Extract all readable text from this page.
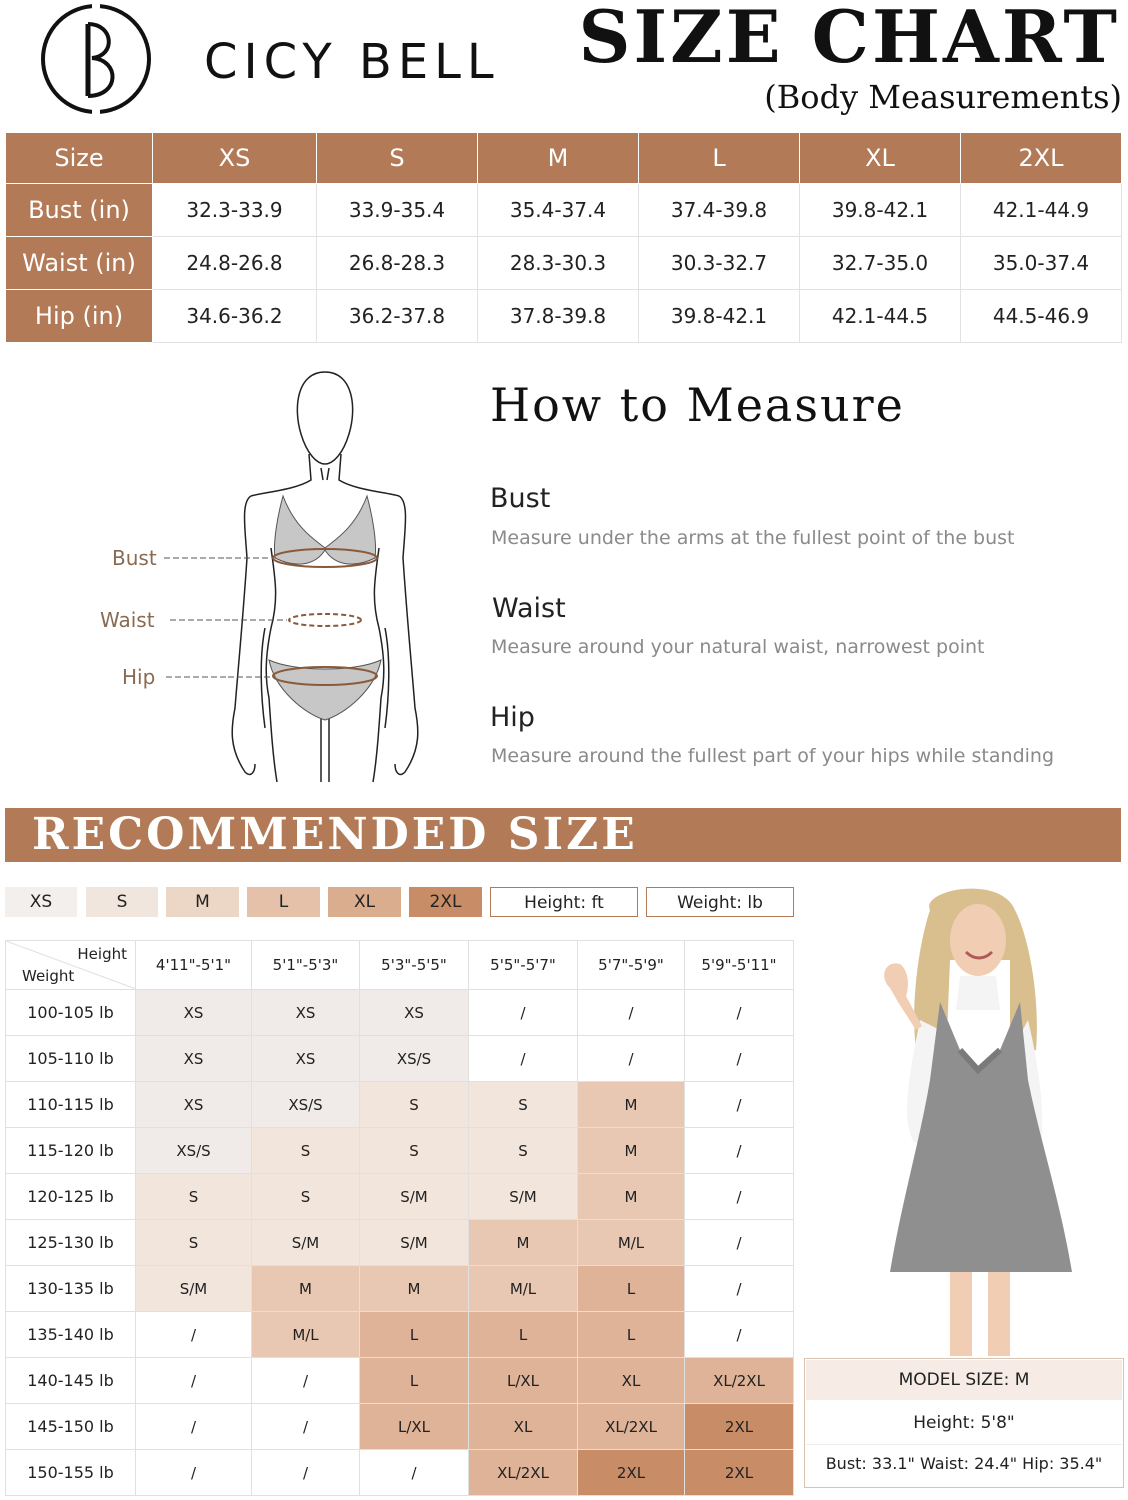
CICY BELL SIZE CHART
(Body Measurements)
Size	XS	S	M	L	XL	2XL
Bust (in)	32.3-33.9	33.9-35.4	35.4-37.4	37.4-39.8	39.8-42.1	42.1-44.9
Waist (in)	24.8-26.8	26.8-28.3	28.3-30.3	30.3-32.7	32.7-35.0	35.0-37.4
Hip (in)	34.6-36.2	36.2-37.8	37.8-39.8	39.8-42.1	42.1-44.5	44.5-46.9
Bust
Waist
Hip
How to Measure
Bust
Measure under the arms at the fullest point of the bust
Waist
Measure around your natural waist, narrowest point
Hip
Measure around the fullest part of your hips while standing
RECOMMENDED SIZE
XS	S	M	L	XL	2XL	Height: ft	Weight: lb
Height
Weight	4'11"-5'1"	5'1"-5'3"	5'3"-5'5"	5'5"-5'7"	5'7"-5'9"	5'9"-5'11"
100-105 lb	XS	XS	XS	/	/	/
105-110 lb	XS	XS	XS/S	/	/	/
110-115 lb	XS	XS/S	S	S	M	/
115-120 lb	XS/S	S	S	S	M	/
120-125 lb	S	S	S/M	S/M	M	/
125-130 lb	S	S/M	S/M	M	M/L	/
130-135 lb	S/M	M	M	M/L	L	/
135-140 lb	/	M/L	L	L	L	/
140-145 lb	/	/	L	L/XL	XL	XL/2XL
145-150 lb	/	/	L/XL	XL	XL/2XL	2XL
150-155 lb	/	/	/	XL/2XL	2XL	2XL
MODEL SIZE: M
Height: 5'8"
Bust: 33.1" Waist: 24.4" Hip: 35.4"
